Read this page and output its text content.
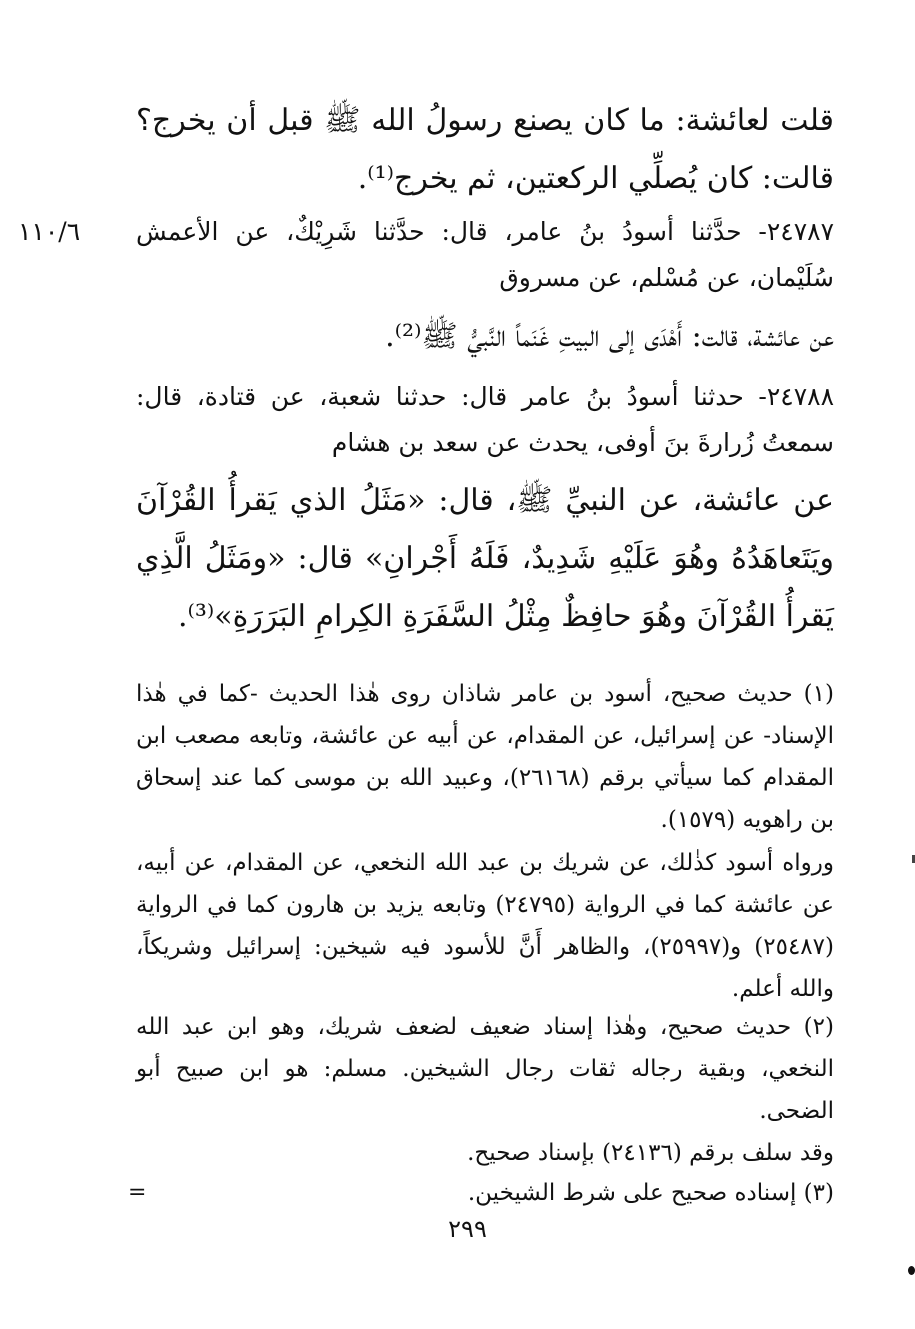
قلت لعائشة: ما كان يصنع رسولُ الله ﷺ قبل أن يخرج؟ قالت: كان يُصلِّي الركعتين، ثم يخرج⁽¹⁾.
١١٠/٦	٢٤٧٨٧- حدَّثنا أسودُ بنُ عامر، قال: حدَّثنا شَرِيْكٌ، عن الأعمش سُلَيْمان، عن مُسْلم، عن مسروق
عن عائشة، قالت: أَهْدَى إلى البيتِ غَنَماً النَّبيُّ ﷺ⁽²⁾.
٢٤٧٨٨- حدثنا أسودُ بنُ عامر قال: حدثنا شعبة، عن قتادة، قال: سمعتُ زُرارةَ بنَ أوفى، يحدث عن سعد بن هشام
عن عائشة، عن النبيِّ ﷺ، قال: «مَثَلُ الذي يَقرأُ القُرْآنَ ويَتَعاهَدُهُ وهُوَ عَلَيْهِ شَدِيدٌ، فَلَهُ أَجْرانِ» قال: «ومَثَلُ الَّذِي يَقرأُ القُرْآنَ وهُوَ حافِظٌ مِثْلُ السَّفَرَةِ الكِرامِ البَرَرَةِ»⁽³⁾.
(١) حديث صحيح، أسود بن عامر شاذان روى هٰذا الحديث -كما في هٰذا الإسناد- عن إسرائيل، عن المقدام، عن أبيه عن عائشة، وتابعه مصعب ابن المقدام كما سيأتي برقم (٢٦١٦٨)، وعبيد الله بن موسى كما عند إسحاق بن راهويه (١٥٧٩).
ورواه أسود كذٰلك، عن شريك بن عبد الله النخعي، عن المقدام، عن أبيه، عن عائشة كما في الرواية (٢٤٧٩٥) وتابعه يزيد بن هارون كما في الرواية (٢٥٤٨٧) و(٢٥٩٩٧)، والظاهر أَنَّ للأسود فيه شيخين: إسرائيل وشريكاً، والله أعلم.
(٢) حديث صحيح، وهٰذا إسناد ضعيف لضعف شريك، وهو ابن عبد الله النخعي، وبقية رجاله ثقات رجال الشيخين. مسلم: هو ابن صبيح أبو الضحى.
وقد سلف برقم (٢٤١٣٦) بإسناد صحيح.
(٣) إسناده صحيح على شرط الشيخين.
=
٢٩٩
